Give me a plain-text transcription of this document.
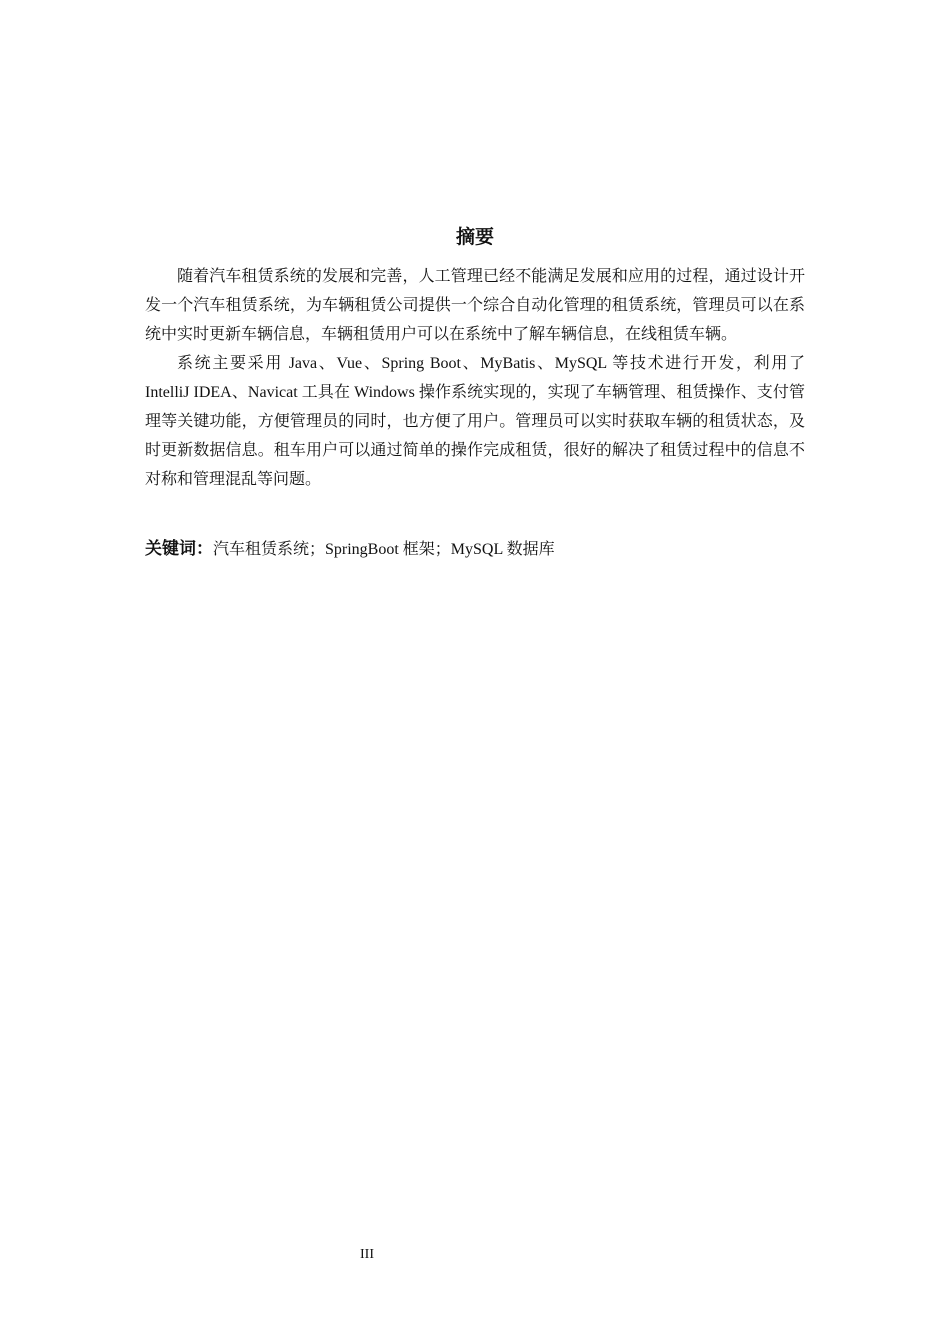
摘要

随着汽车租赁系统的发展和完善，人工管理已经不能满足发展和应用的过程，通过设计开发一个汽车租赁系统，为车辆租赁公司提供一个综合自动化管理的租赁系统，管理员可以在系统中实时更新车辆信息，车辆租赁用户可以在系统中了解车辆信息，在线租赁车辆。

系统主要采用 Java、Vue、Spring Boot、MyBatis、MySQL 等技术进行开发，利用了 IntelliJ IDEA、Navicat 工具在 Windows 操作系统实现的，实现了车辆管理、租赁操作、支付管理等关键功能，方便管理员的同时，也方便了用户。管理员可以实时获取车辆的租赁状态，及时更新数据信息。租车用户可以通过简单的操作完成租赁，很好的解决了租赁过程中的信息不对称和管理混乱等问题。

关键词：汽车租赁系统；SpringBoot 框架；MySQL 数据库
III
